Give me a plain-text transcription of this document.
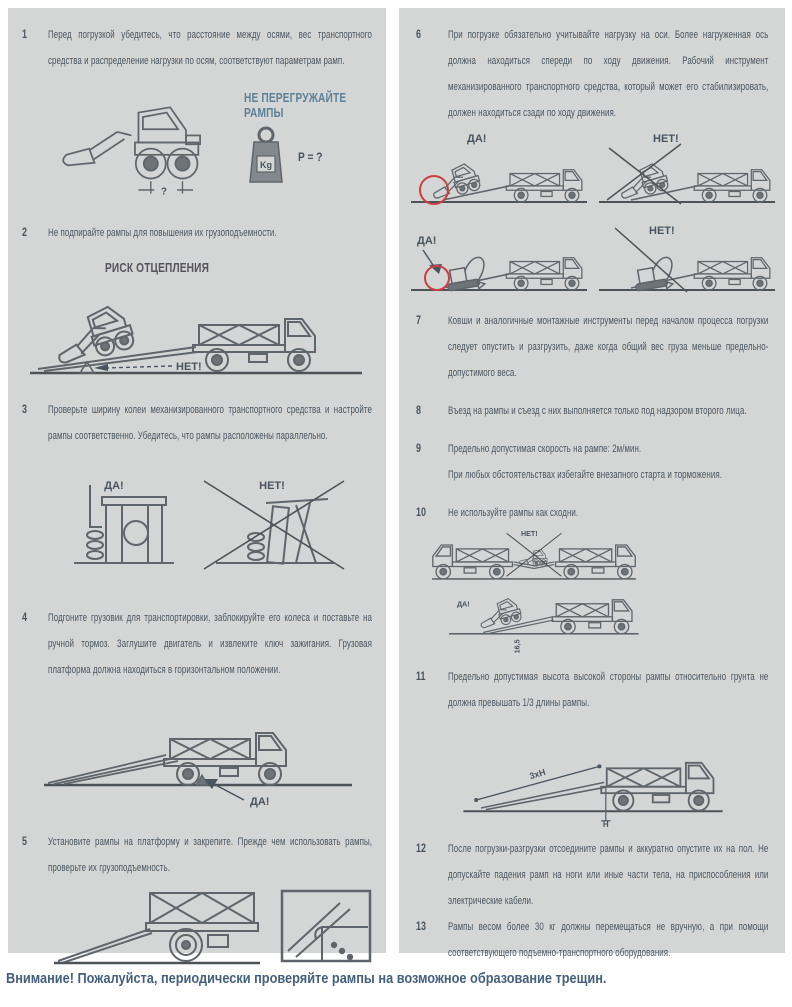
1 Перед погрузкой убедитесь, что расстояние между осями, вес транспортного средства и распределение нагрузки по осям, соответствуют параметрам рамп.
?
НЕ ПЕРЕГРУЖАЙТЕ
РАМПЫ
Kg
P = ?
2 Не подпирайте рампы для повышения их грузоподъемности.
РИСК ОТЦЕПЛЕНИЯ
НЕТ!
3 Проверьте ширину колеи механизированного транспортного средства и настройте рампы соответственно. Убедитесь, что рампы расположены параллельно.
ДА!	НЕТ!
4 Подгоните грузовик для транспортировки, заблокируйте его колеса и поставьте на ручной тормоз. Заглушите двигатель и извлеките ключ зажигания. Грузовая платформа должна находиться в горизонтальном положении.
ДА!
5 Установите рампы на платформу и закрепите. Прежде чем использовать рампы, проверьте их грузоподъемность.
6 При погрузке обязательно учитывайте нагрузку на оси. Более нагруженная ось должна находиться спереди по ходу движения. Рабочий инструмент механизированного транспортного средства, который может его стабилизировать, должен находиться сзади по ходу движения.
ДА!	НЕТ!
ДА!
НЕТ!
7 Ковши и аналогичные монтажные инструменты перед началом процесса погрузки следует опустить и разгрузить, даже когда общий вес груза меньше предельно-допустимого веса.
8 Въезд на рампы и съезд с них выполняется только под надзором второго лица.
9 Предельно допустимая скорость на рампе: 2м/мин.
При любых обстоятельствах избегайте внезапного старта и торможения.
10 Не используйте рампы как сходни.
НЕТ!
ДА!
16,5
11 Предельно допустимая высота высокой стороны рампы относительно грунта не должна превышать 1/3 длины рампы.
3хН
Н
12 После погрузки-разгрузки отсоедините рампы и аккуратно опустите их на пол. Не допускайте падения рамп на ноги или иные части тела, на приспособления или электрические кабели.
13 Рампы весом более 30 кг должны перемещаться не вручную, а при помощи соответствующего подъемно-транспортного оборудования.
Внимание! Пожалуйста, периодически проверяйте рампы на возможное образование трещин.
